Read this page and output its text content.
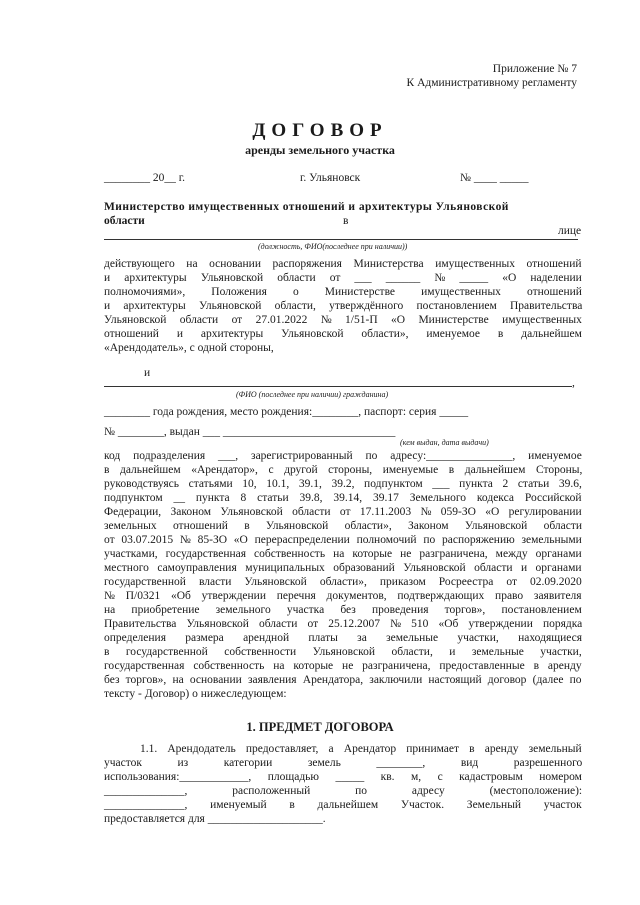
Приложение № 7
К Административному регламенту
ДОГОВОР
аренды земельного участка
________ 20__ г.	г. Ульяновск	№ ____ _____
Министерство имущественных отношений и архитектуры Ульяновской
области	в
лице
(должность, ФИО(последнее при наличии))
действующего на основании распоряжения Министерства имущественных отношений
и архитектуры Ульяновской области от ___ ______ № _____ «О наделении
полномочиями», Положения о Министерстве имущественных отношений
и архитектуры Ульяновской области, утверждённого постановлением Правительства
Ульяновской области от 27.01.2022 № 1/51-П «О Министерстве имущественных
отношений и архитектуры Ульяновской области», именуемое в дальнейшем
«Арендодатель», с одной стороны,
и
,
(ФИО (последнее при наличии) гражданина)
________ года рождения, место рождения:________, паспорт: серия _____
№ ________, выдан ___ ______________________________
(кем выдан, дата выдачи)
код подразделения ___, зарегистрированный по адресу:_______________, именуемое
в дальнейшем «Арендатор», с другой стороны, именуемые в дальнейшем Стороны,
руководствуясь статьями 10, 10.1, 39.1, 39.2, подпунктом ___ пункта 2 статьи 39.6,
подпунктом __ пункта 8 статьи 39.8, 39.14, 39.17 Земельного кодекса Российской
Федерации, Законом Ульяновской области от 17.11.2003 № 059-ЗО «О регулировании
земельных отношений в Ульяновской области», Законом Ульяновской области
от 03.07.2015 № 85-ЗО «О перераспределении полномочий по распоряжению земельными
участками, государственная собственность на которые не разграничена, между органами
местного самоуправления муниципальных образований Ульяновской области и органами
государственной власти Ульяновской области», приказом Росреестра от 02.09.2020
№ П/0321 «Об утверждении перечня документов, подтверждающих право заявителя
на приобретение земельного участка без проведения торгов», постановлением
Правительства Ульяновской области от 25.12.2007 № 510 «Об утверждении порядка
определения размера арендной платы за земельные участки, находящиеся
в государственной собственности Ульяновской области, и земельные участки,
государственная собственность на которые не разграничена, предоставленные в аренду
без торгов», на основании заявления Арендатора, заключили настоящий договор (далее по
тексту - Договор) о нижеследующем:
1. ПРЕДМЕТ ДОГОВОРА
1.1. Арендодатель предоставляет, а Арендатор принимает в аренду земельный
участок из категории земель ________, вид разрешенного
использования:____________, площадью _____ кв. м, с кадастровым номером
______________, расположенный по адресу (местоположение):
______________, именуемый в дальнейшем Участок. Земельный участок
предоставляется для ____________________.
